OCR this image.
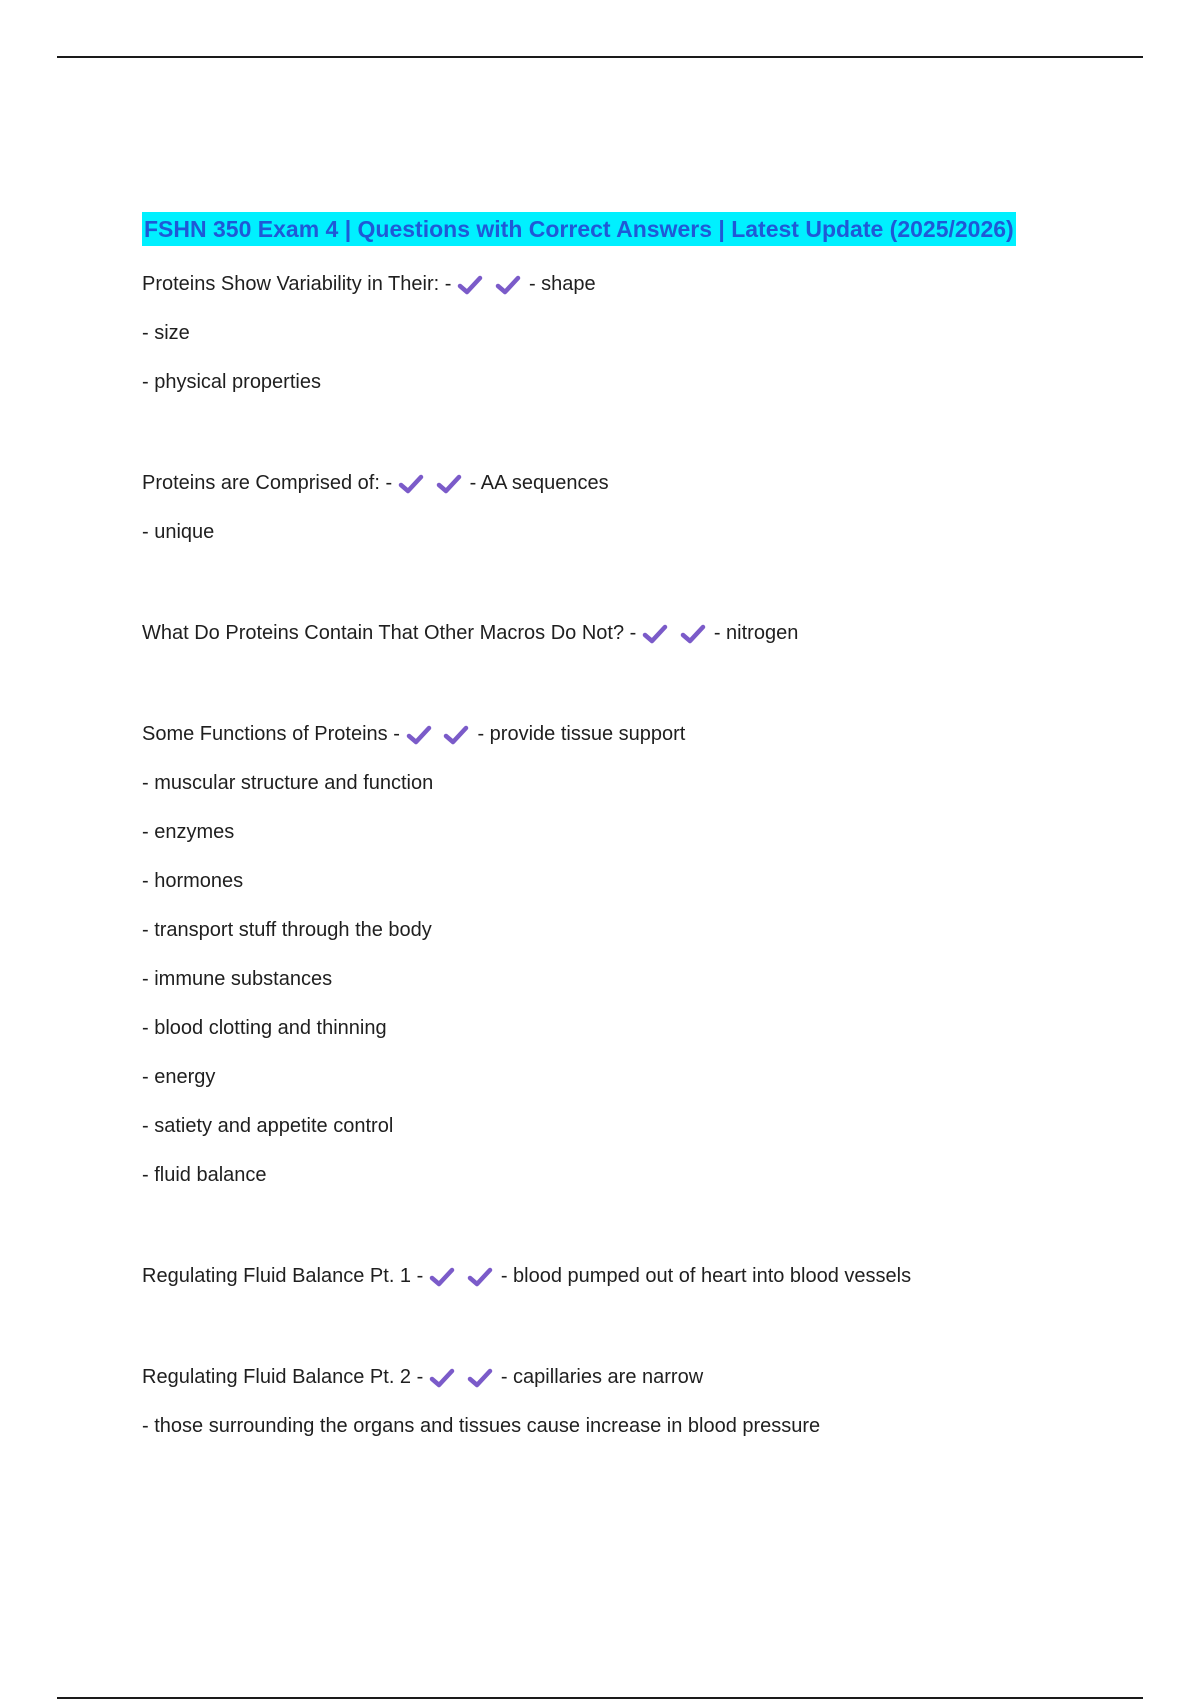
FSHN 350 Exam 4 | Questions with Correct Answers | Latest Update (2025/2026)
Proteins Show Variability in Their: -
	- shape
- size
- physical properties
Proteins are Comprised of: -
	- AA sequences
- unique
What Do Proteins Contain That Other Macros Do Not? -
	- nitrogen
Some Functions of Proteins -
	- provide tissue support
- muscular structure and function
- enzymes
- hormones
- transport stuff through the body
- immune substances
- blood clotting and thinning
- energy
- satiety and appetite control
- fluid balance
Regulating Fluid Balance Pt. 1 -
	- blood pumped out of heart into blood vessels
Regulating Fluid Balance Pt. 2 -
	- capillaries are narrow
- those surrounding the organs and tissues cause increase in blood pressure
